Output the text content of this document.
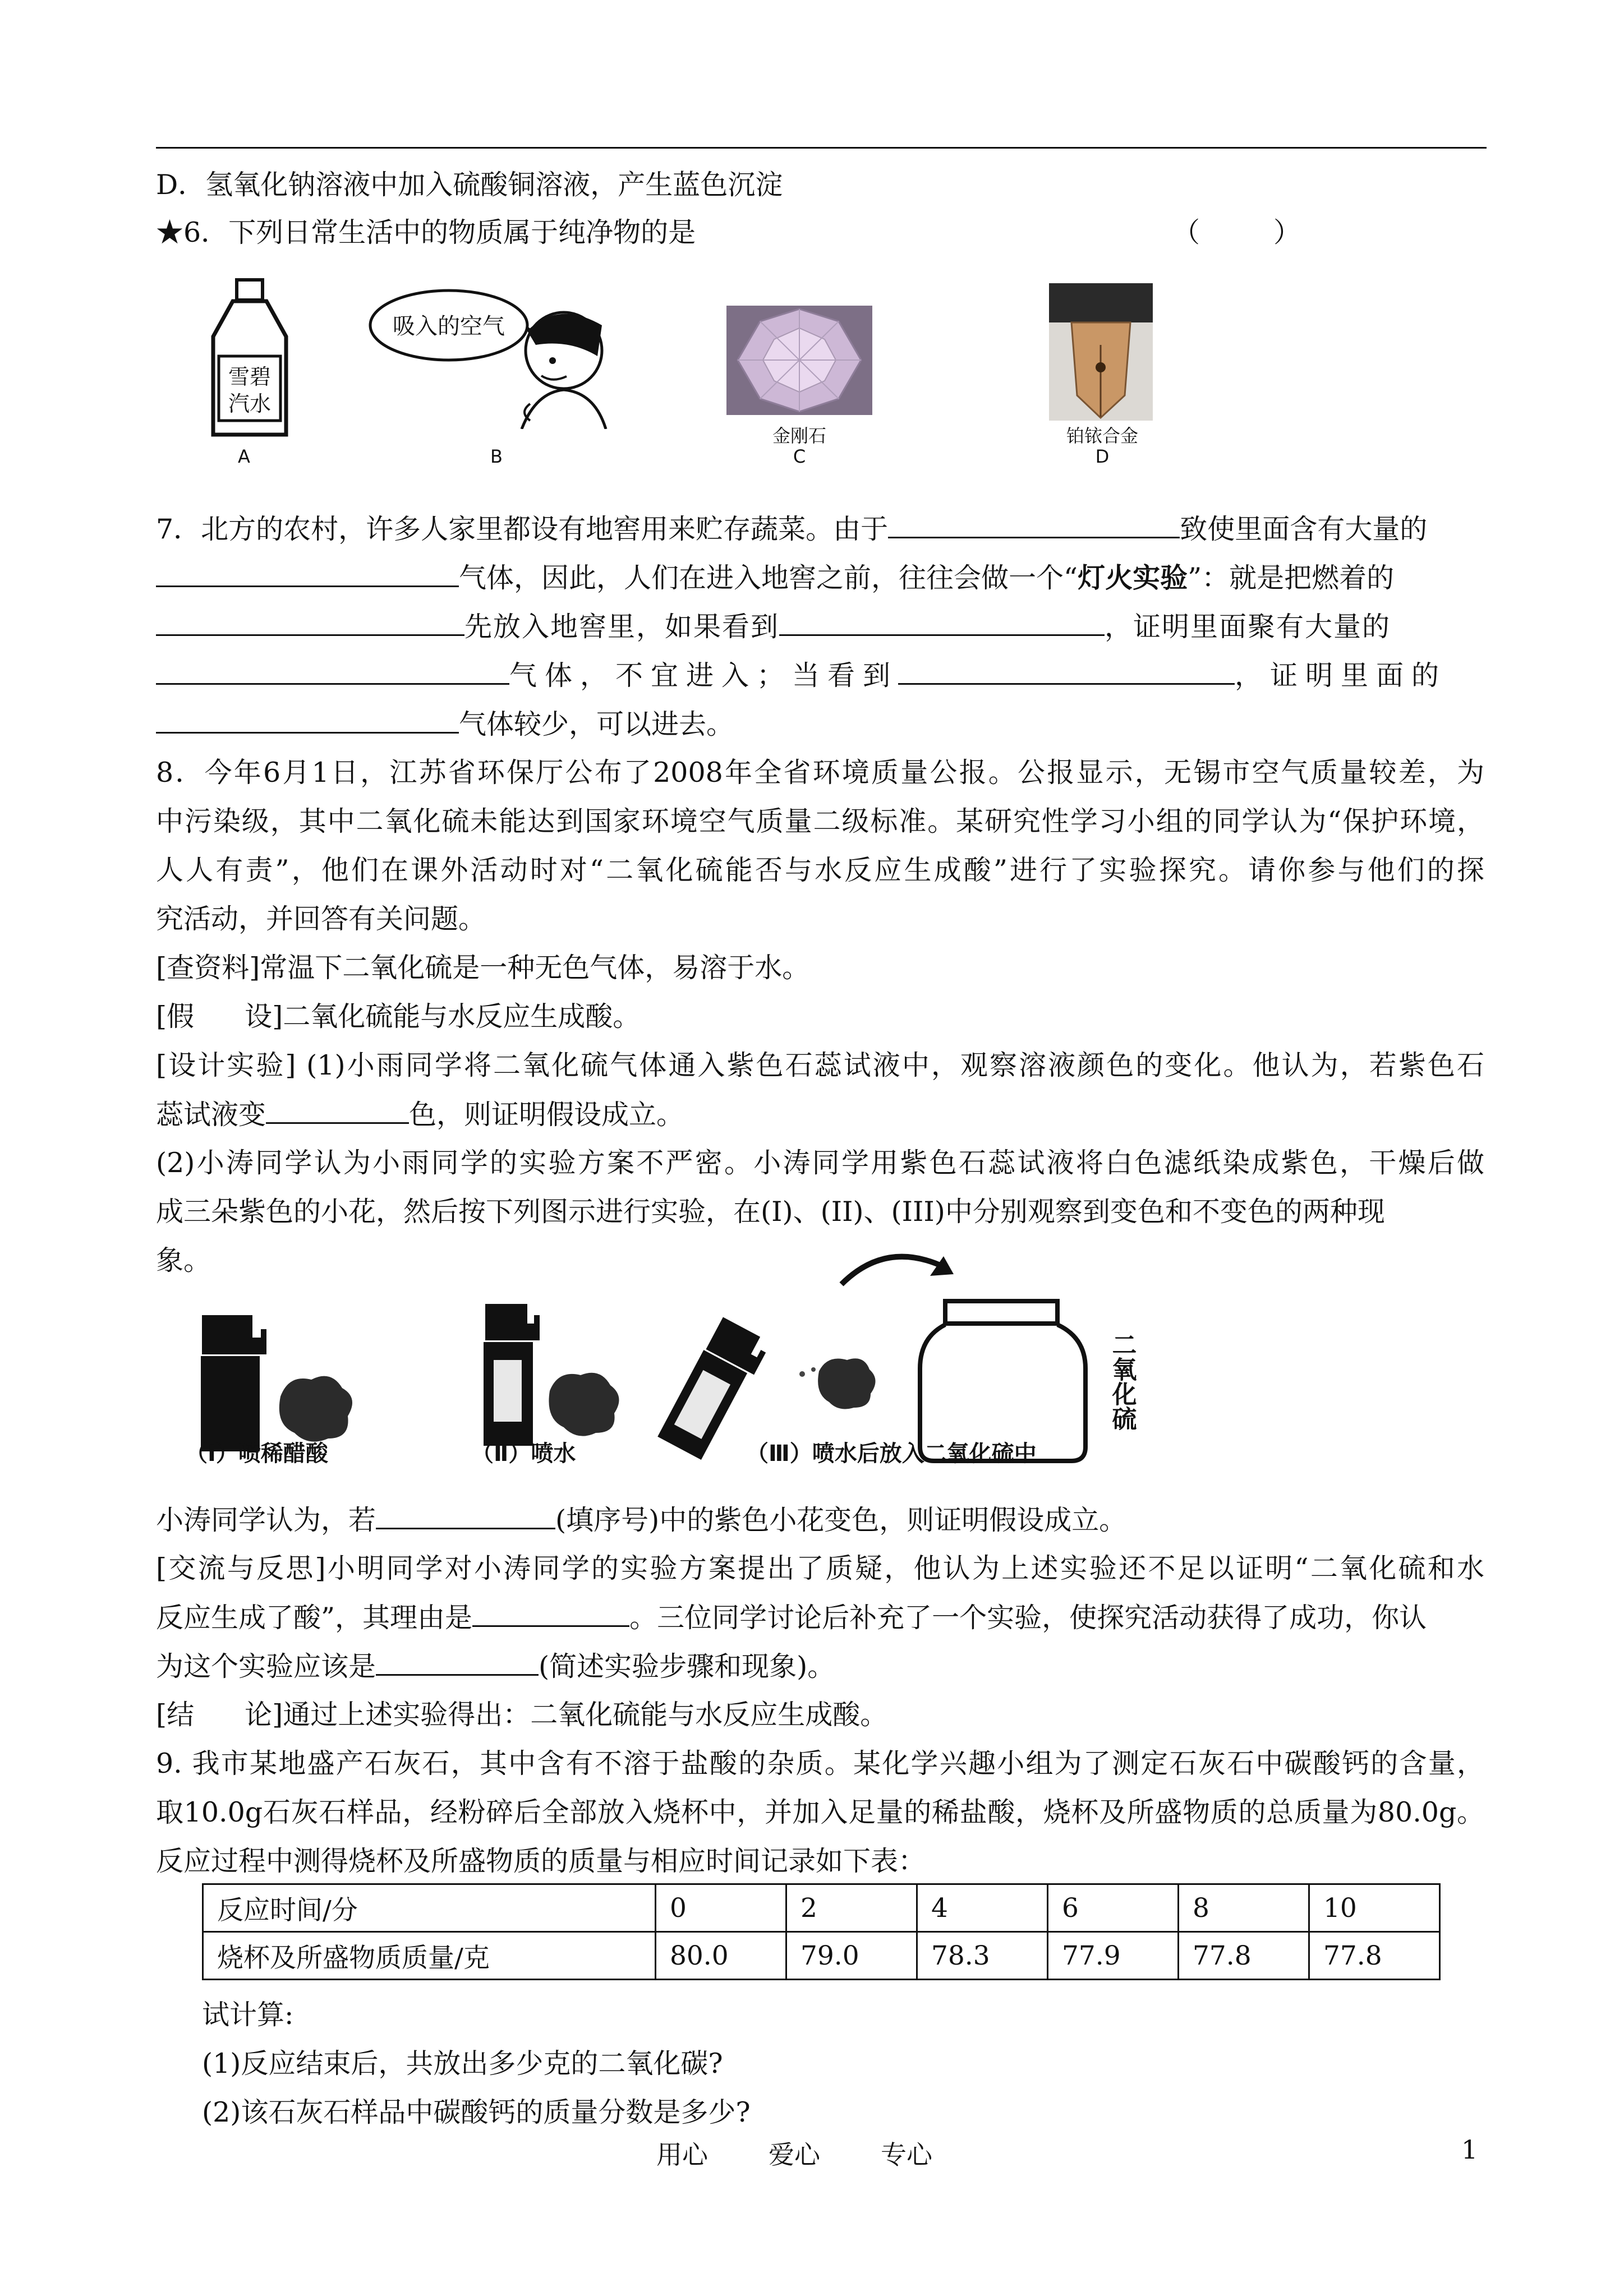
D．氢氧化钠溶液中加入硫酸铜溶液，产生蓝色沉淀
★6．下列日常生活中的物质属于纯净物的是	（	）
雪碧
汽水
A
吸入的空气
B
金刚石
C
铂铱合金
D
7．北方的农村，许多人家里都设有地窖用来贮存蔬菜。由于	致使里面含有大量的
气体，因此，人们在进入地窖之前，往往会做一个“灯火实验”：就是把燃着的
先放入地窖里，如果看到	，证明里面聚有大量的
气体，不宜进入；当看到	，证明里面的
气体较少，可以进去。
8．今年6月1日，江苏省环保厅公布了2008年全省环境质量公报。公报显示，无锡市空气质量较差，为
中污染级，其中二氧化硫未能达到国家环境空气质量二级标准。某研究性学习小组的同学认为“保护环境，
人人有责”，他们在课外活动时对“二氧化硫能否与水反应生成酸”进行了实验探究。请你参与他们的探
究活动，并回答有关问题。
[查资料]常温下二氧化硫是一种无色气体，易溶于水。
[假 设]二氧化硫能与水反应生成酸。
[设计实验] (1)小雨同学将二氧化硫气体通入紫色石蕊试液中，观察溶液颜色的变化。他认为，若紫色石
蕊试液变	色，则证明假设成立。
(2)小涛同学认为小雨同学的实验方案不严密。小涛同学用紫色石蕊试液将白色滤纸染成紫色，干燥后做
成三朵紫色的小花，然后按下列图示进行实验，在(I)、(II)、(III)中分别观察到变色和不变色的两种现
象。
二氧化硫
（Ⅰ）喷稀醋酸	（Ⅱ）喷水	（Ⅲ）喷水后放入二氧化硫中
小涛同学认为，若	(填序号)中的紫色小花变色，则证明假设成立。
[交流与反思]小明同学对小涛同学的实验方案提出了质疑，他认为上述实验还不足以证明“二氧化硫和水
反应生成了酸”，其理由是	。三位同学讨论后补充了一个实验，使探究活动获得了成功，你认
为这个实验应该是	(简述实验步骤和现象)。
[结 论]通过上述实验得出：二氧化硫能与水反应生成酸。
9. 我市某地盛产石灰石，其中含有不溶于盐酸的杂质。某化学兴趣小组为了测定石灰石中碳酸钙的含量，
取10.0g石灰石样品，经粉碎后全部放入烧杯中，并加入足量的稀盐酸，烧杯及所盛物质的总质量为80.0g。
反应过程中测得烧杯及所盛物质的质量与相应时间记录如下表：
反应时间/分	0	2	4	6	8	10
烧杯及所盛物质质量/克	80.0	79.0	78.3	77.9	77.8	77.8
试计算:
(1)反应结束后，共放出多少克的二氧化碳?
(2)该石灰石样品中碳酸钙的质量分数是多少?
用心 爱心 专心	1
